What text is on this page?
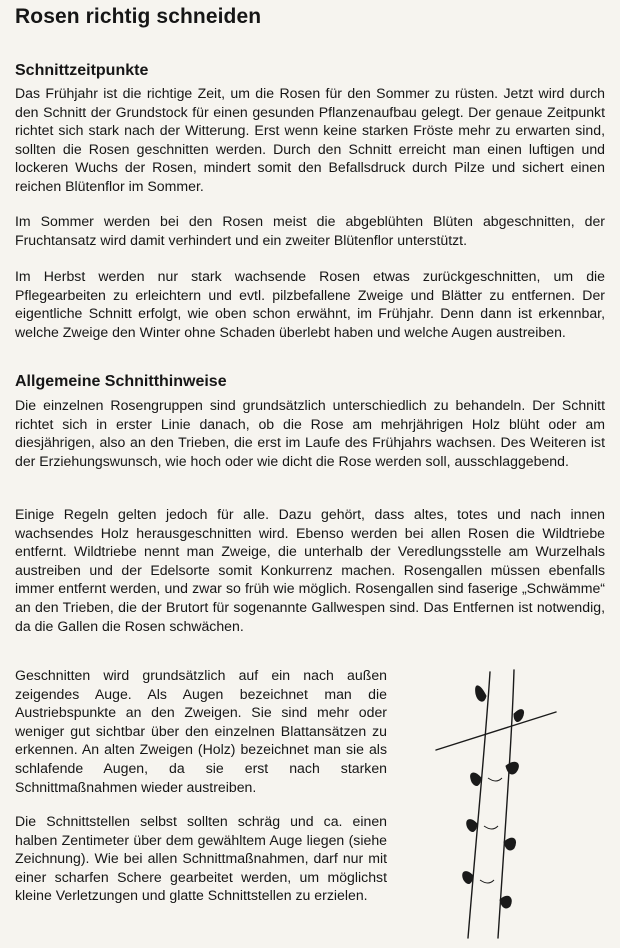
Rosen richtig schneiden
Schnittzeitpunkte

Das Frühjahr ist die richtige Zeit, um die Rosen für den Sommer zu rüsten. Jetzt wird durch den Schnitt der Grundstock für einen gesunden Pflanzenaufbau gelegt. Der genaue Zeitpunkt richtet sich stark nach der Witterung. Erst wenn keine starken Fröste mehr zu erwarten sind, sollten die Rosen geschnitten werden. Durch den Schnitt erreicht man einen luftigen und lockeren Wuchs der Rosen, mindert somit den Befallsdruck durch Pilze und sichert einen reichen Blütenflor im Sommer.

Im Sommer werden bei den Rosen meist die abgeblühten Blüten abgeschnitten, der Fruchtansatz wird damit verhindert und ein zweiter Blütenflor unterstützt.

Im Herbst werden nur stark wachsende Rosen etwas zurückgeschnitten, um die Pflegearbeiten zu erleichtern und evtl. pilzbefallene Zweige und Blätter zu entfernen. Der eigentliche Schnitt erfolgt, wie oben schon erwähnt, im Frühjahr. Denn dann ist erkennbar, welche Zweige den Winter ohne Schaden überlebt haben und welche Augen austreiben.

Allgemeine Schnitthinweise

Die einzelnen Rosengruppen sind grundsätzlich unterschiedlich zu behandeln. Der Schnitt richtet sich in erster Linie danach, ob die Rose am mehrjährigen Holz blüht oder am diesjährigen, also an den Trieben, die erst im Laufe des Frühjahrs wachsen. Des Weiteren ist der Erziehungswunsch, wie hoch oder wie dicht die Rose werden soll, ausschlaggebend.

Einige Regeln gelten jedoch für alle. Dazu gehört, dass altes, totes und nach innen wachsendes Holz herausgeschnitten wird. Ebenso werden bei allen Rosen die Wildtriebe entfernt. Wildtriebe nennt man Zweige, die unterhalb der Veredlungsstelle am Wurzelhals austreiben und der Edelsorte somit Konkurrenz machen. Rosengallen müssen ebenfalls immer entfernt werden, und zwar so früh wie möglich. Rosengallen sind faserige „Schwämme“ an den Trieben, die der Brutort für sogenannte Gallwespen sind. Das Entfernen ist notwendig, da die Gallen die Rosen schwächen.

Geschnitten wird grundsätzlich auf ein nach außen zeigendes Auge. Als Augen bezeichnet man die Austriebspunkte an den Zweigen. Sie sind mehr oder weniger gut sichtbar über den einzelnen Blattansätzen zu erkennen. An alten Zweigen (Holz) bezeichnet man sie als schlafende Augen, da sie erst nach starken Schnittmaßnahmen wieder austreiben.

Die Schnittstellen selbst sollten schräg und ca. einen halben Zentimeter über dem gewähltem Auge liegen (siehe Zeichnung). Wie bei allen Schnittmaßnahmen, darf nur mit einer scharfen Schere gearbeitet werden, um möglichst kleine Verletzungen und glatte Schnittstellen zu erzielen.
